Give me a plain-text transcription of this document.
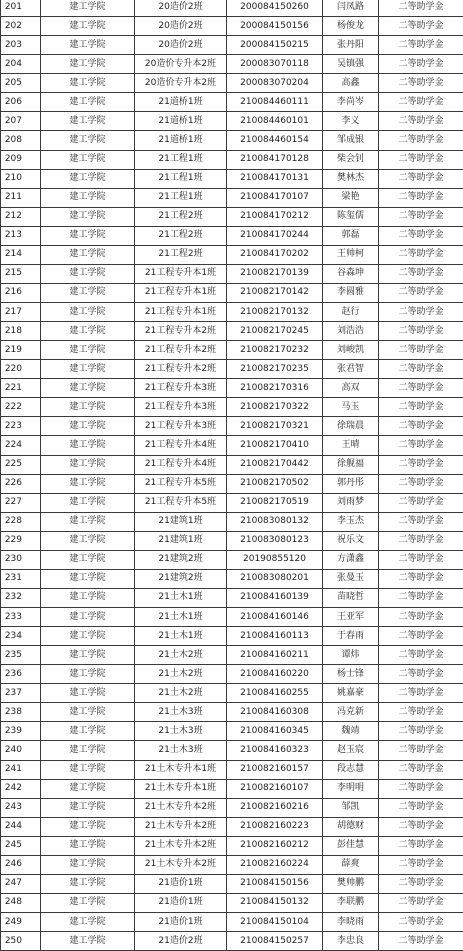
201	建工学院	20造价2班	200084150260	闫凤路	二等助学金
202	建工学院	20造价2班	200084150156	杨俊龙	二等助学金
203	建工学院	20造价2班	200084150215	张丹阳	二等助学金
204	建工学院	20造价专升本2班	200083070118	吴镇强	二等助学金
205	建工学院	20造价专升本2班	200083070204	高鑫	二等助学金
206	建工学院	21道桥1班	210084460111	李尚岑	二等助学金
207	建工学院	21道桥1班	210084460101	李义	二等助学金
208	建工学院	21道桥1班	210084460154	邹成银	二等助学金
209	建工学院	21工程1班	210084170128	柴会钊	二等助学金
210	建工学院	21工程1班	210084170131	樊林杰	二等助学金
211	建工学院	21工程1班	210084170107	梁艳	二等助学金
212	建工学院	21工程2班	210084170212	陈玺儒	二等助学金
213	建工学院	21工程2班	210084170244	郭磊	二等助学金
214	建工学院	21工程2班	210084170202	王帅柯	二等助学金
215	建工学院	21工程专升本1班	210082170139	谷森坤	二等助学金
216	建工学院	21工程专升本1班	210082170142	李圆雅	二等助学金
217	建工学院	21工程专升本1班	210082170132	赵行	二等助学金
218	建工学院	21工程专升本2班	210082170245	刘浩浩	二等助学金
219	建工学院	21工程专升本2班	210082170232	刘峻凯	二等助学金
220	建工学院	21工程专升本2班	210082170235	张君智	二等助学金
221	建工学院	21工程专升本3班	210082170316	高双	二等助学金
222	建工学院	21工程专升本3班	210082170322	马玉	二等助学金
223	建工学院	21工程专升本3班	210082170321	徐瑞晨	二等助学金
224	建工学院	21工程专升本4班	210082170410	王晴	二等助学金
225	建工学院	21工程专升本4班	210082170442	徐舰福	二等助学金
226	建工学院	21工程专升本5班	210082170502	郭丹彤	二等助学金
227	建工学院	21工程专升本5班	210082170519	刘雨梦	二等助学金
228	建工学院	21建筑1班	210083080132	李玉杰	二等助学金
229	建工学院	21建筑1班	210083080123	祝乐文	二等助学金
230	建工学院	21建筑2班	20190855120	方潇鑫	二等助学金
231	建工学院	21建筑2班	210083080201	张曼玉	二等助学金
232	建工学院	21土木1班	210084160139	苗晓哲	二等助学金
233	建工学院	21土木1班	210084160146	王亚军	二等助学金
234	建工学院	21土木1班	210084160113	于春雨	二等助学金
235	建工学院	21土木2班	210084160211	谭炜	二等助学金
236	建工学院	21土木2班	210084160220	杨士锋	二等助学金
237	建工学院	21土木2班	210084160255	姚嘉豪	二等助学金
238	建工学院	21土木3班	210084160308	冯克新	二等助学金
239	建工学院	21土木3班	210084160345	魏靖	二等助学金
240	建工学院	21土木3班	210084160323	赵玉宸	二等助学金
241	建工学院	21土木专升本1班	210082160157	段志慧	二等助学金
242	建工学院	21土木专升本1班	210082160107	李明明	二等助学金
243	建工学院	21土木专升本2班	210082160216	邹凯	二等助学金
244	建工学院	21土木专升本2班	210082160223	胡德财	二等助学金
245	建工学院	21土木专升本2班	210082160212	彭佳慧	二等助学金
246	建工学院	21土木专升本2班	210082160224	薛爽	二等助学金
247	建工学院	21造价1班	210084150156	樊帅鹏	二等助学金
248	建工学院	21造价1班	210084150132	李联鹏	二等助学金
249	建工学院	21造价1班	210084150104	李晓雨	二等助学金
250	建工学院	21造价2班	210084150257	李忠良	二等助学金
